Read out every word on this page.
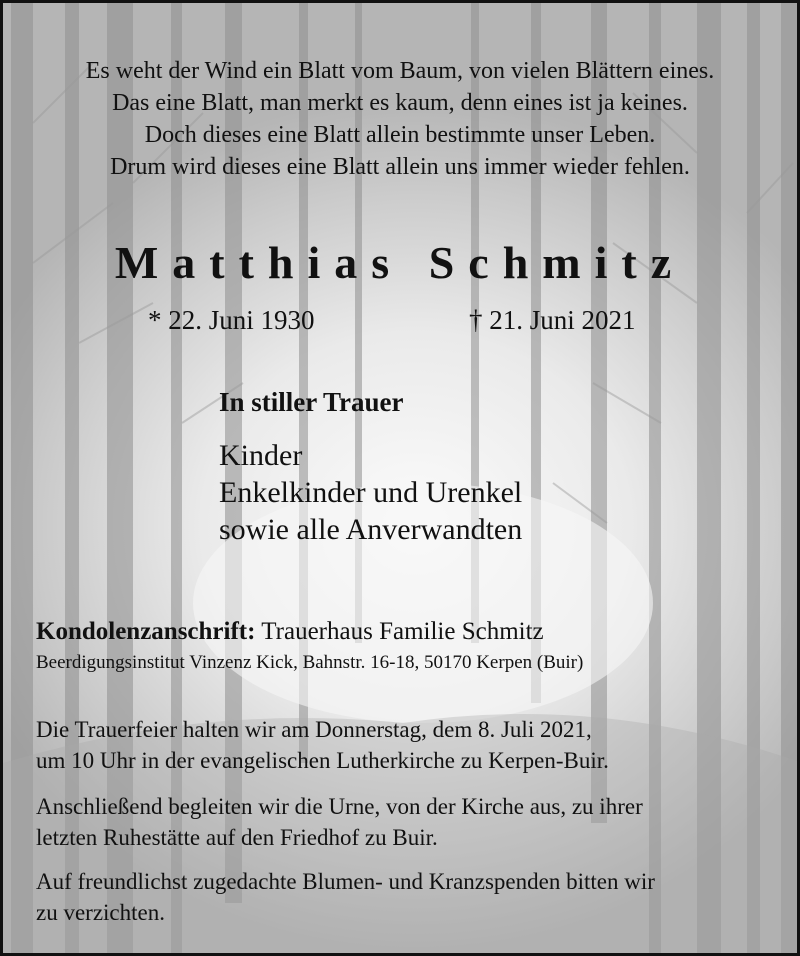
Es weht der Wind ein Blatt vom Baum, von vielen Blättern eines.
Das eine Blatt, man merkt es kaum, denn eines ist ja keines.
Doch dieses eine Blatt allein bestimmte unser Leben.
Drum wird dieses eine Blatt allein uns immer wieder fehlen.
Matthias Schmitz
* 22. Juni 1930	† 21. Juni 2021
In stiller Trauer
Kinder
Enkelkinder und Urenkel
sowie alle Anverwandten
Kondolenzanschrift: Trauerhaus Familie Schmitz
Beerdigungsinstitut Vinzenz Kick, Bahnstr. 16-18, 50170 Kerpen (Buir)
Die Trauerfeier halten wir am Donnerstag, dem 8. Juli 2021,
um 10 Uhr in der evangelischen Lutherkirche zu Kerpen-Buir.
Anschließend begleiten wir die Urne, von der Kirche aus, zu ihrer
letzten Ruhestätte auf den Friedhof zu Buir.
Auf freundlichst zugedachte Blumen- und Kranzspenden bitten wir
zu verzichten.
